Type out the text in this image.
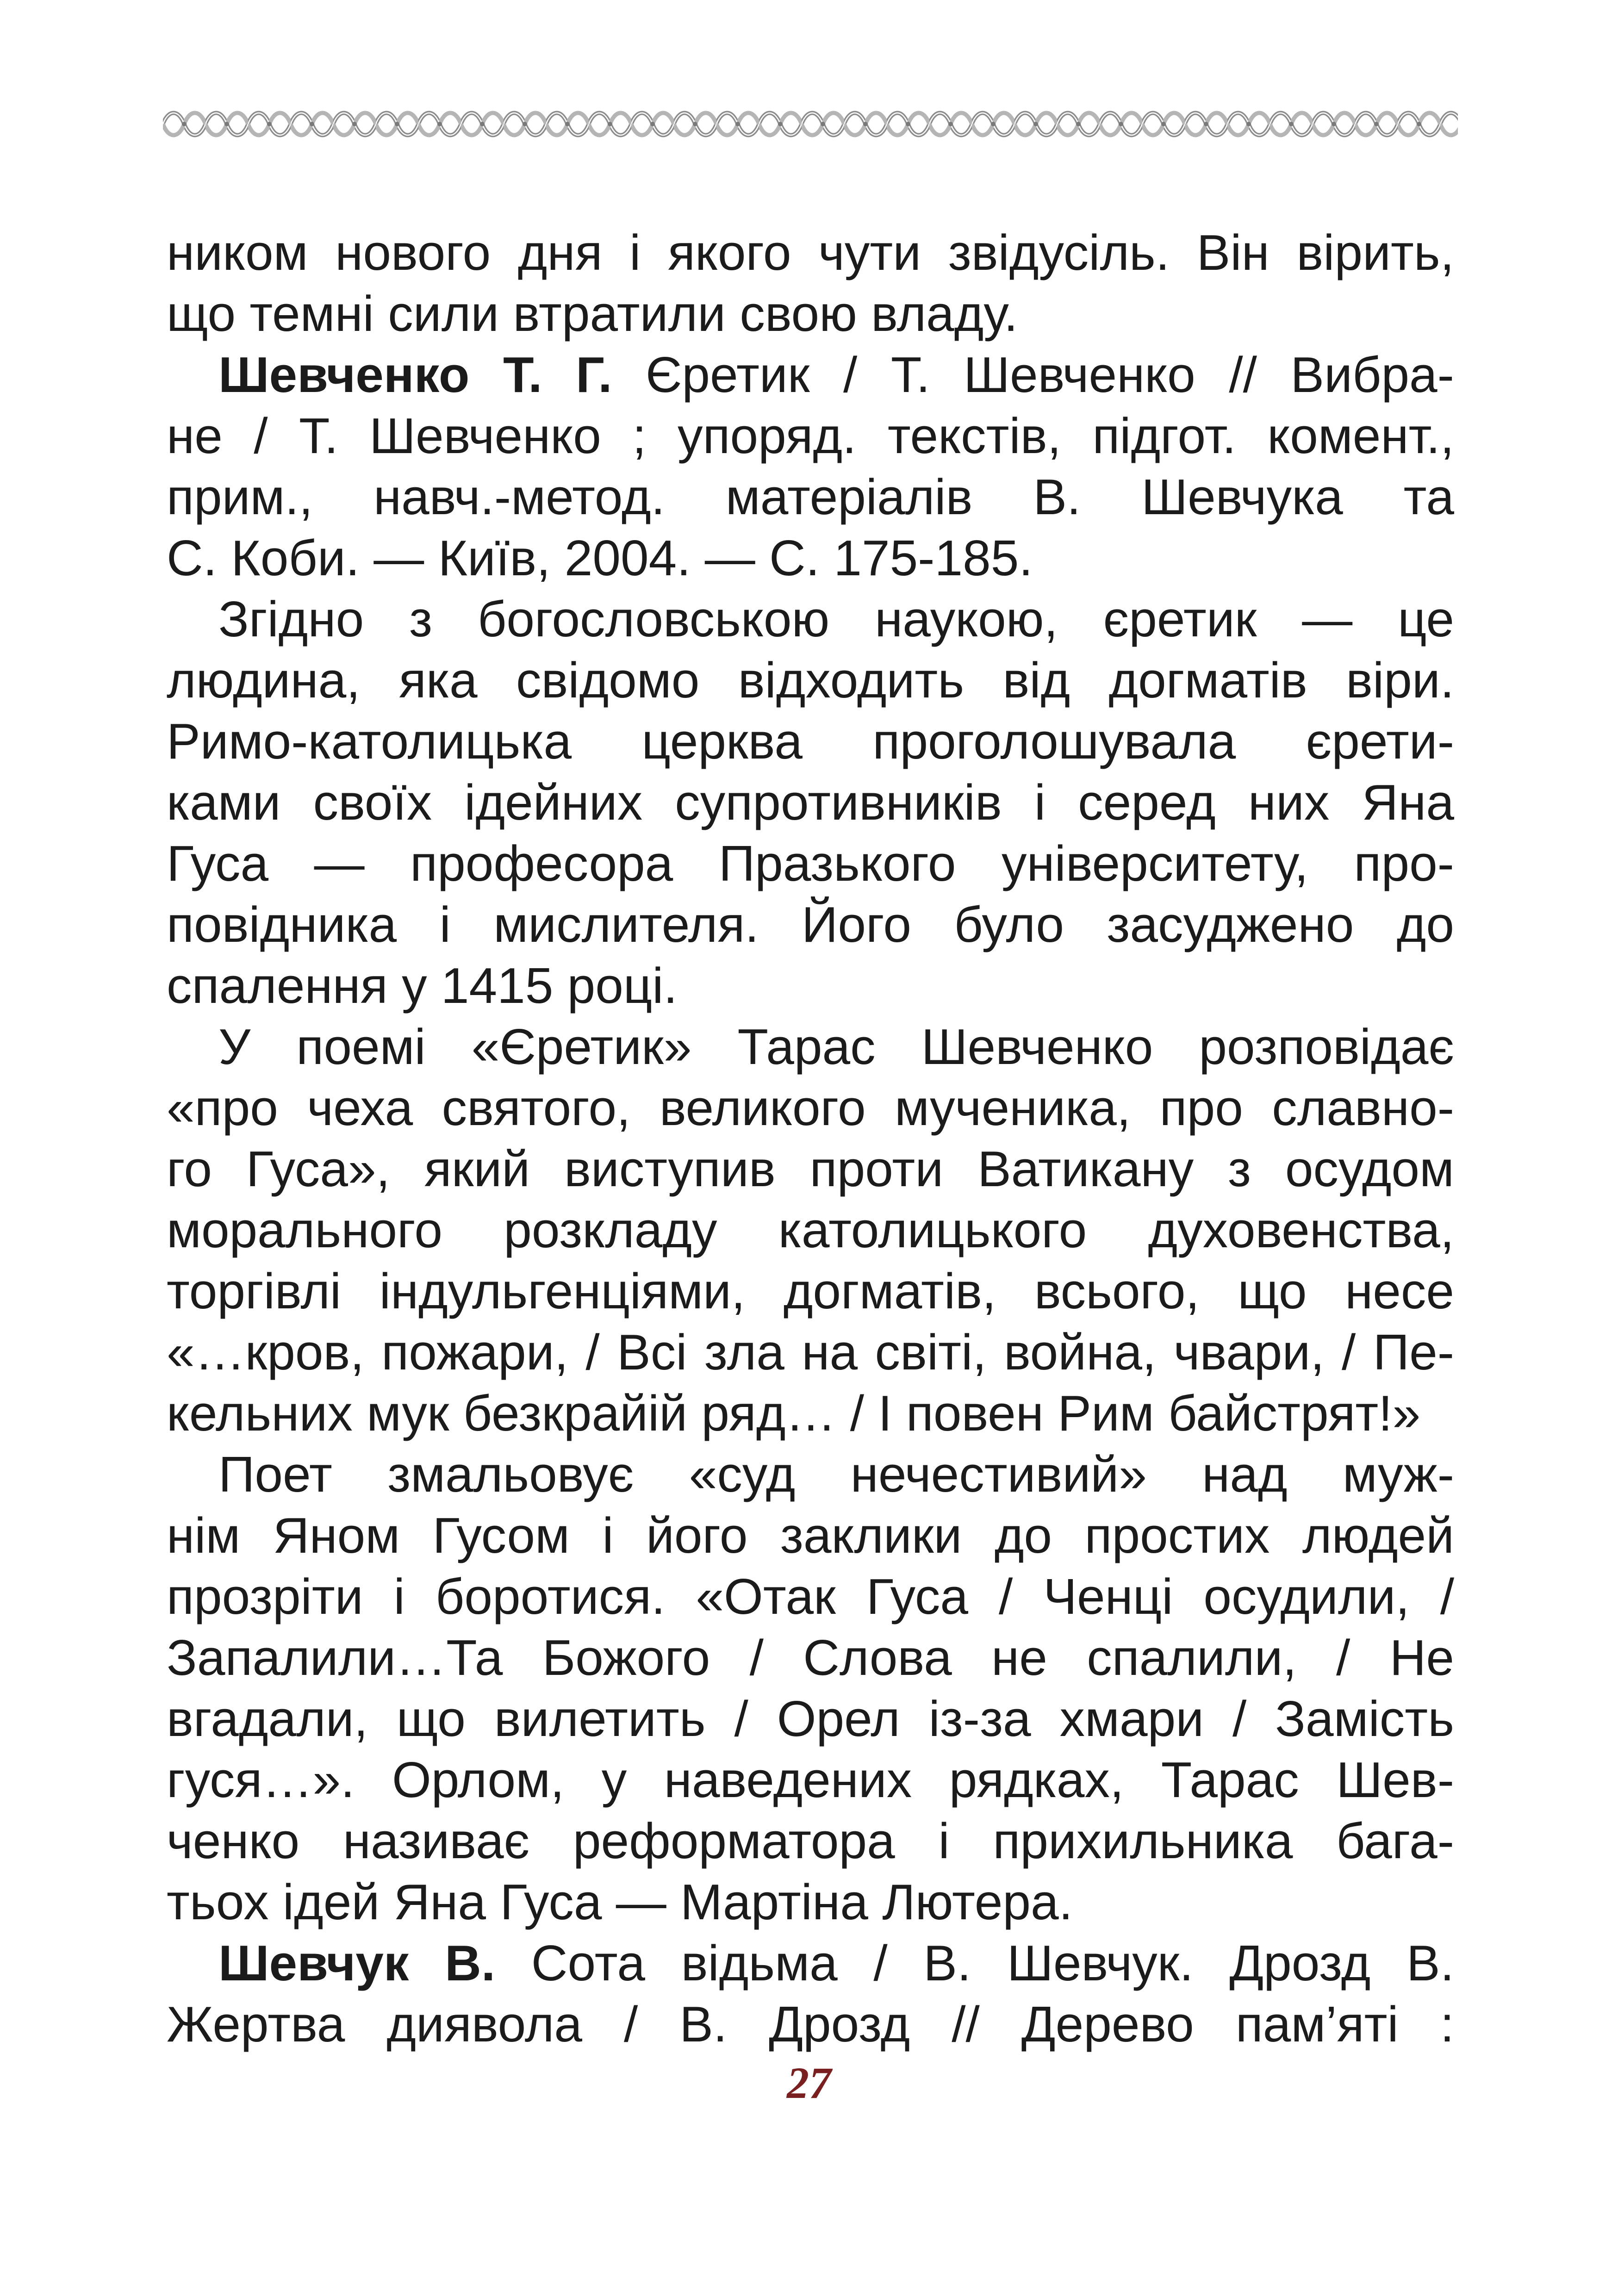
ником нового дня і якого чути звідусіль. Він вірить,
що темні сили втратили свою владу.
Шевченко Т. Г. Єретик / Т. Шевченко // Вибра-
не / Т. Шевченко ; упоряд. текстів, підгот. комент.,
прим., навч.-метод. матеріалів В. Шевчука та
С. Коби. — Київ, 2004. — С. 175-185.
Згідно з богословською наукою, єретик — це
людина, яка свідомо відходить від догматів віри.
Римо-католицька церква проголошувала єрети-
ками своїх ідейних супротивників і серед них Яна
Гуса — професора Празького університету, про-
повідника і мислителя. Його було засуджено до
спалення у 1415 році.
У поемі «Єретик» Тарас Шевченко розповідає
«про чеха святого, великого мученика, про славно-
го Гуса», який виступив проти Ватикану з осудом
морального розкладу католицького духовенства,
торгівлі індульгенціями, догматів, всього, що несе
«…кров, пожари, / Всі зла на світі, война, чвари, / Пе-
кельних мук безкрайій ряд… / І повен Рим байстрят!»
Поет змальовує «суд нечестивий» над муж-
нім Яном Гусом і його заклики до простих людей
прозріти і боротися. «Отак Гуса / Ченці осудили, /
Запалили…Та Божого / Слова не спалили, / Не
вгадали, що вилетить / Орел із-за хмари / Замість
гуся…». Орлом, у наведених рядках, Тарас Шев-
ченко називає реформатора і прихильника бага-
тьох ідей Яна Гуса — Мартіна Лютера.
Шевчук В. Сота відьма / В. Шевчук. Дрозд В.
Жертва диявола / В. Дрозд // Дерево пам’яті :
27
